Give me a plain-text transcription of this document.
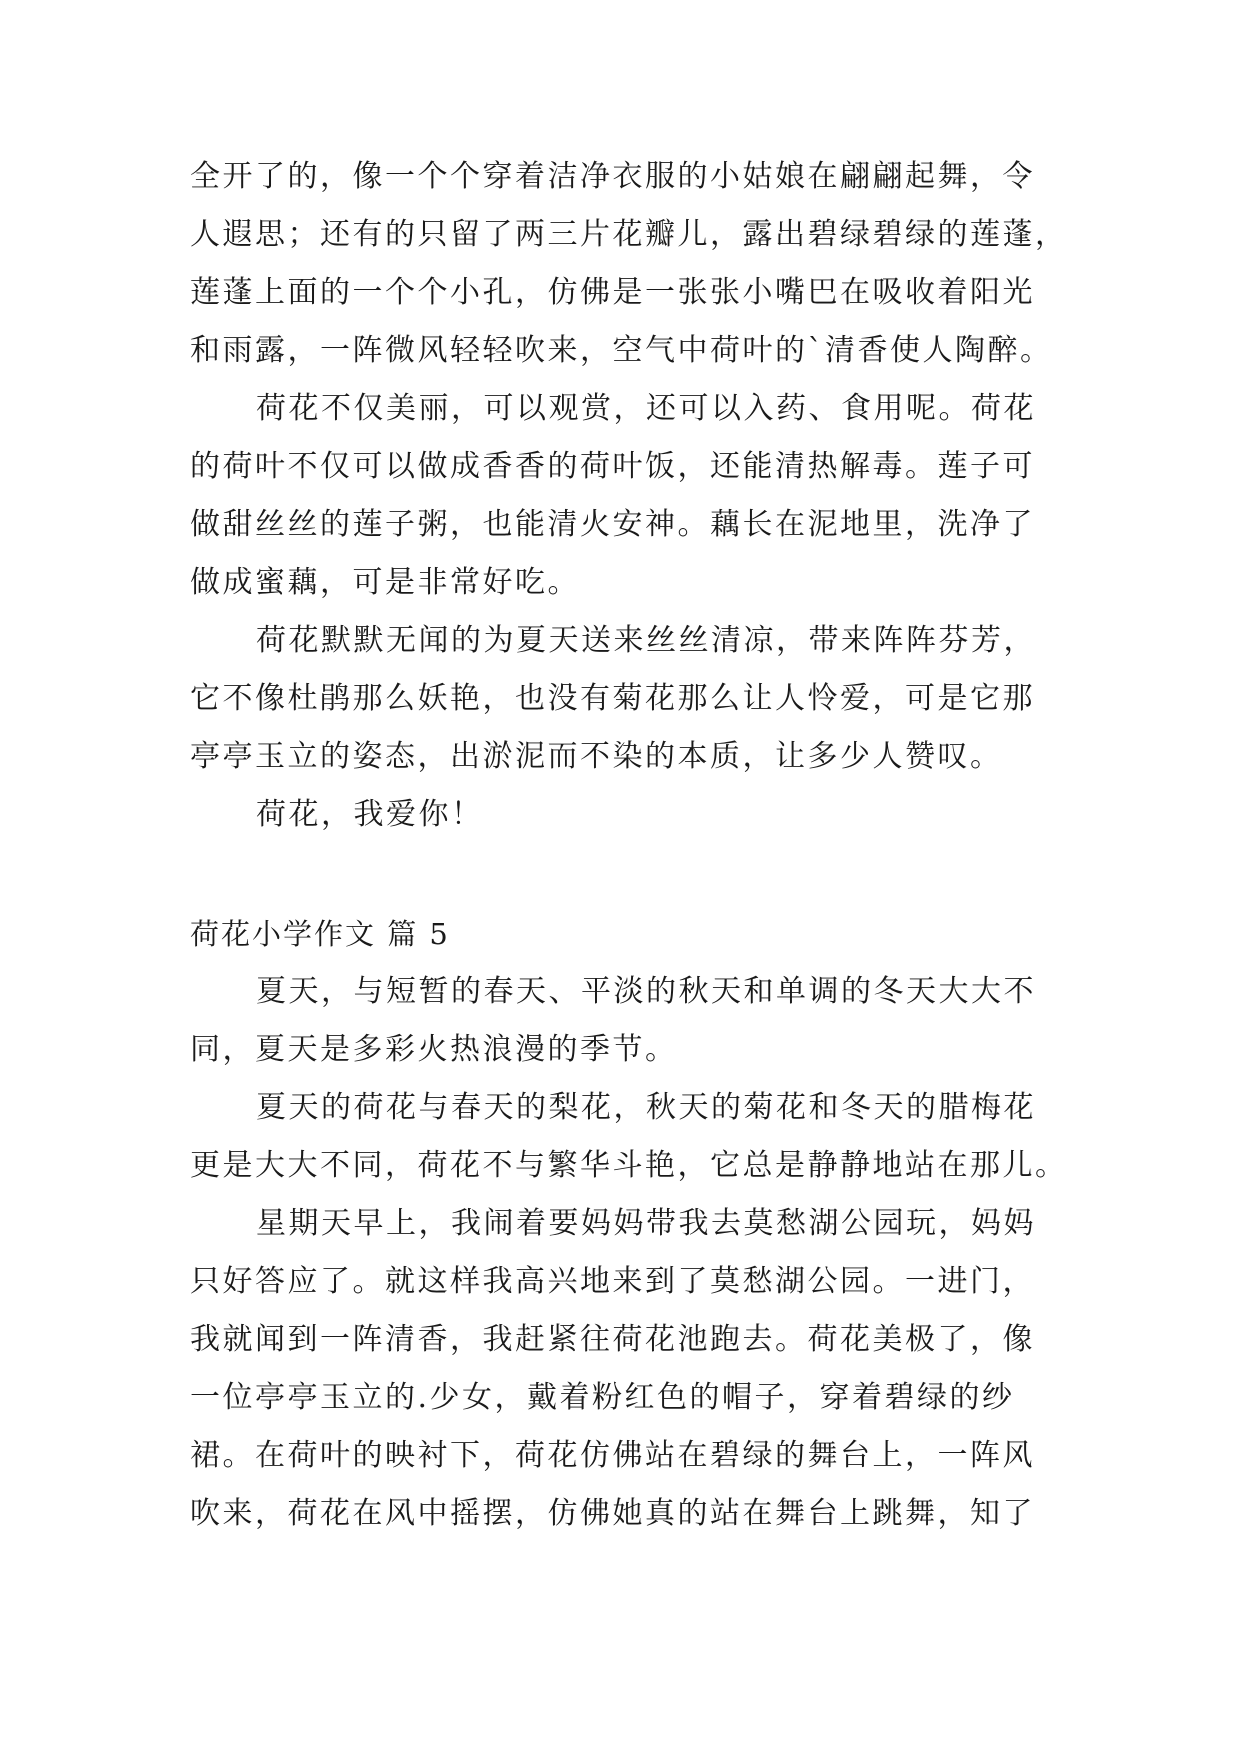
全开了的，像一个个穿着洁净衣服的小姑娘在翩翩起舞，令
人遐思；还有的只留了两三片花瓣儿，露出碧绿碧绿的莲蓬，
莲蓬上面的一个个小孔，仿佛是一张张小嘴巴在吸收着阳光
和雨露，一阵微风轻轻吹来，空气中荷叶的`清香使人陶醉。
荷花不仅美丽，可以观赏，还可以入药、食用呢。荷花
的荷叶不仅可以做成香香的荷叶饭，还能清热解毒。莲子可
做甜丝丝的莲子粥，也能清火安神。藕长在泥地里，洗净了
做成蜜藕，可是非常好吃。
荷花默默无闻的为夏天送来丝丝清凉，带来阵阵芬芳，
它不像杜鹃那么妖艳，也没有菊花那么让人怜爱，可是它那
亭亭玉立的姿态，出淤泥而不染的本质，让多少人赞叹。
荷花，我爱你！
荷花小学作文 篇 5
夏天，与短暂的春天、平淡的秋天和单调的冬天大大不
同，夏天是多彩火热浪漫的季节。
夏天的荷花与春天的梨花，秋天的菊花和冬天的腊梅花
更是大大不同，荷花不与繁华斗艳，它总是静静地站在那儿。
星期天早上，我闹着要妈妈带我去莫愁湖公园玩，妈妈
只好答应了。就这样我高兴地来到了莫愁湖公园。一进门，
我就闻到一阵清香，我赶紧往荷花池跑去。荷花美极了，像
一位亭亭玉立的.少女，戴着粉红色的帽子，穿着碧绿的纱
裙。在荷叶的映衬下，荷花仿佛站在碧绿的舞台上，一阵风
吹来，荷花在风中摇摆，仿佛她真的站在舞台上跳舞，知了
